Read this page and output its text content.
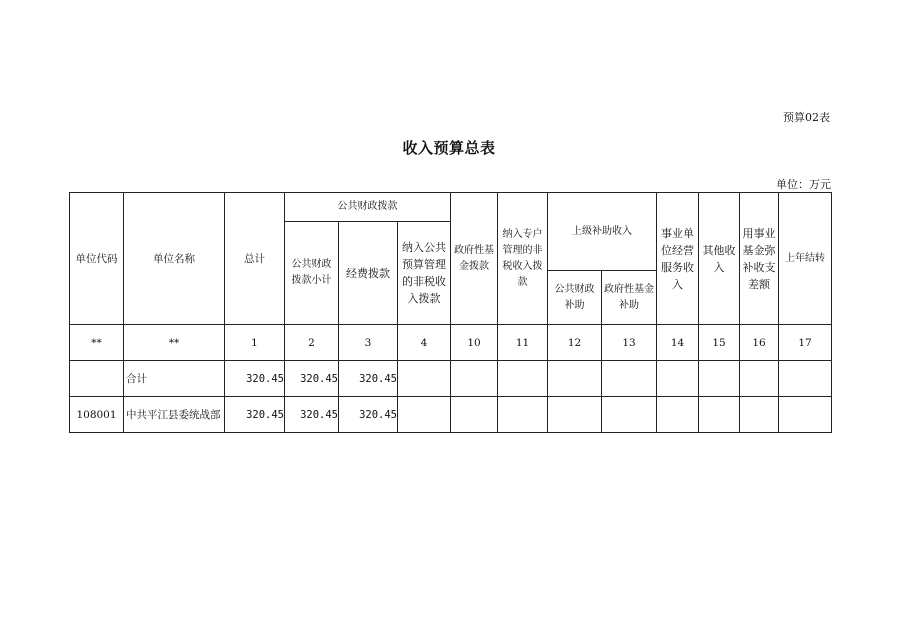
预算02表
收入预算总表
单位：万元
单位代码	单位名称	总计	公共财政拨款			政府性基金拨款	纳入专户管理的非税收入拨款	上级补助收入		事业单位经营服务收入	其他收入	用事业基金弥补收支差额	上年结转
			公共财政拨款小计	经费拨款	纳入公共预算管理的非税收入拨款								
								公共财政补助	政府性基金补助				
**	**	1	2	3	4	10	11	12	13	14	15	16	17
	合计	320.45	320.45	320.45									
108001	中共平江县委统战部	320.45	320.45	320.45									
